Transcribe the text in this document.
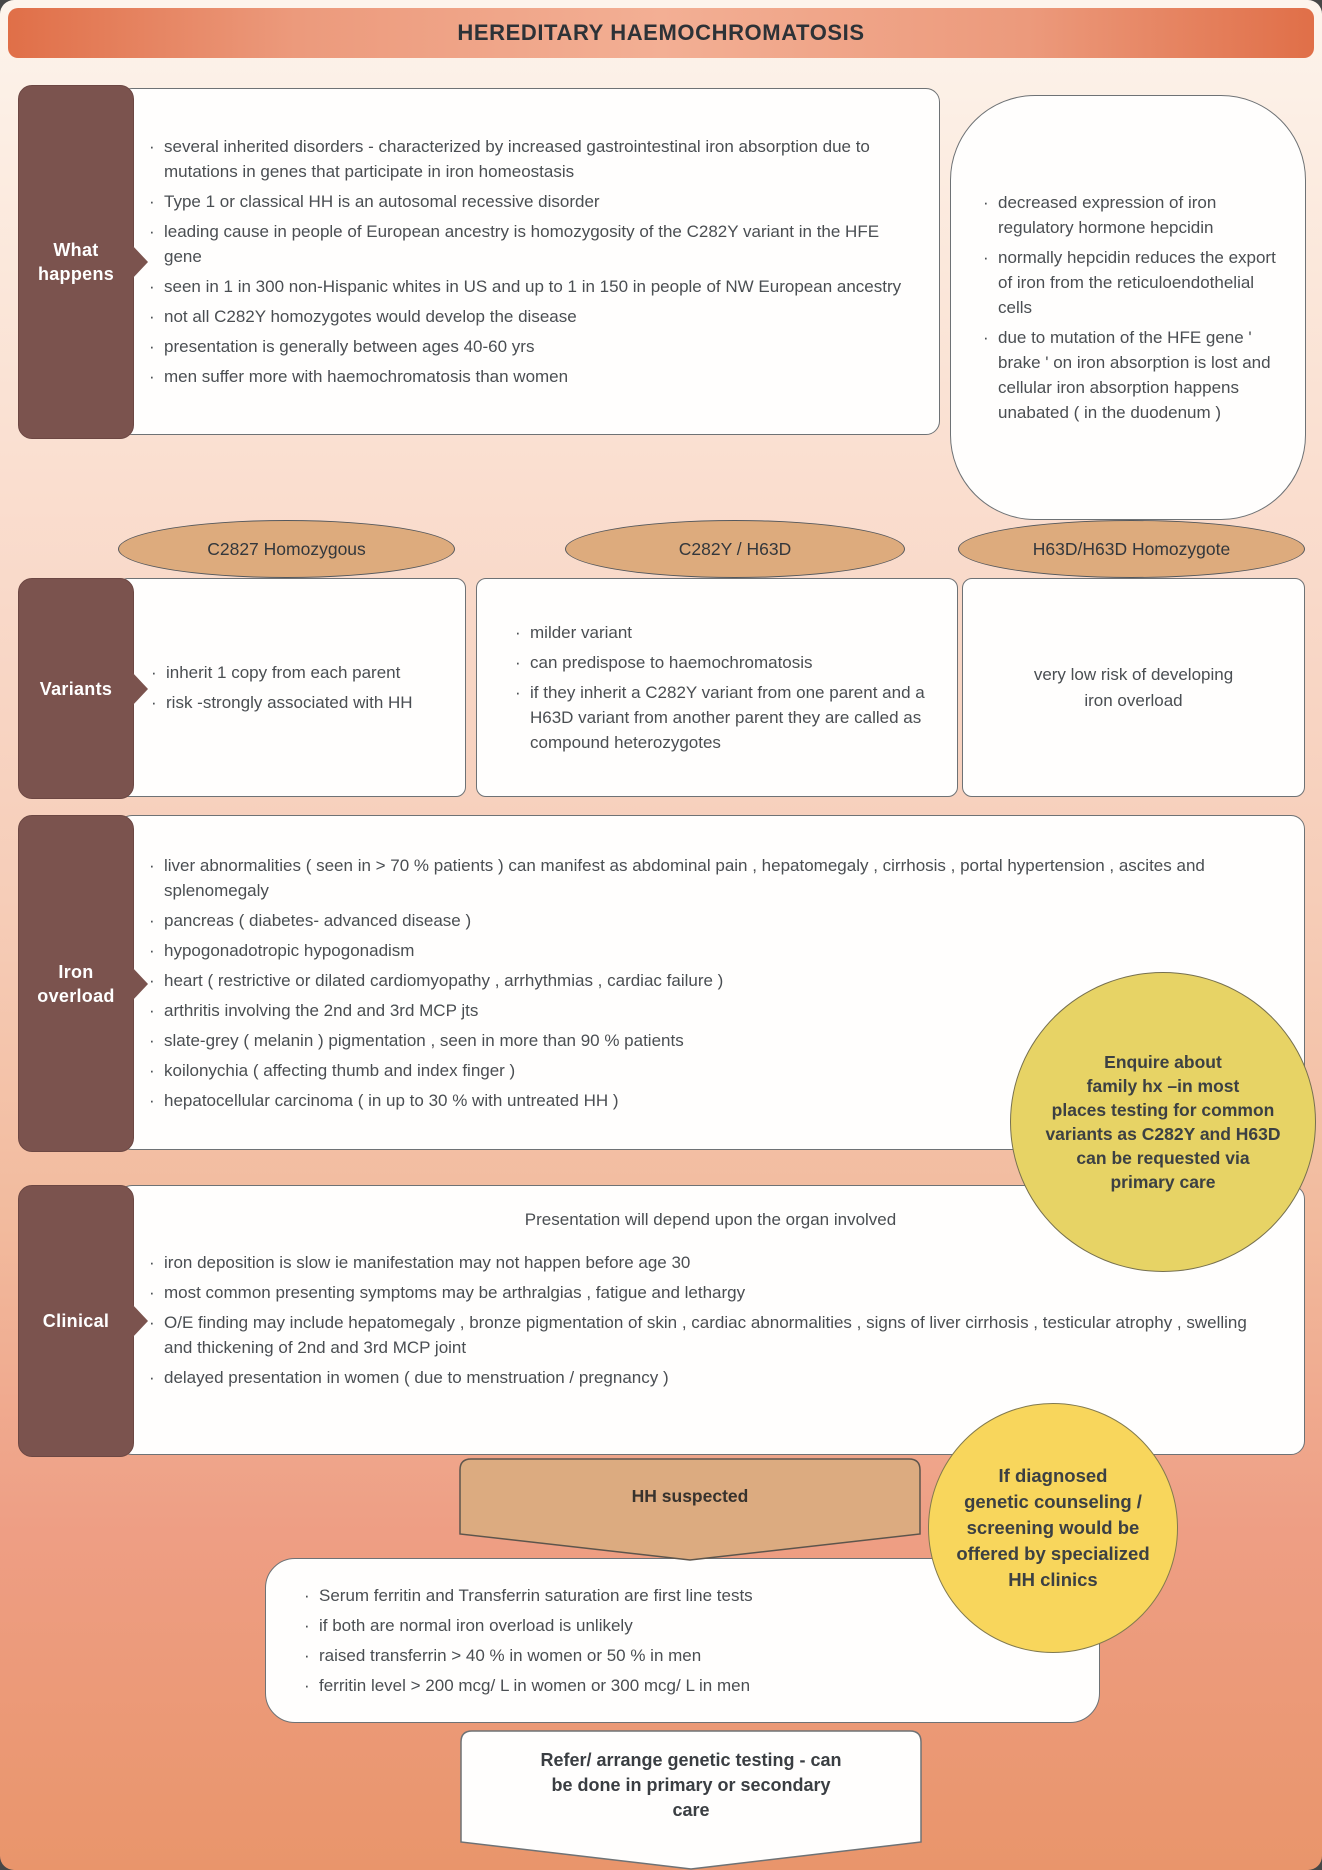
HEREDITARY HAEMOCHROMATOSIS
What
happens
· several inherited disorders - characterized by increased gastrointestinal iron absorption due to mutations in genes that participate in iron homeostasis
· Type 1 or classical HH is an autosomal recessive disorder
· leading cause in people of European ancestry is homozygosity of the C282Y variant in the HFE gene
· seen in 1 in 300 non-Hispanic whites in US and up to 1 in 150 in people of NW European ancestry
· not all C282Y homozygotes would develop the disease
· presentation is generally between ages 40-60 yrs
· men suffer more with haemochromatosis than women
· decreased expression of iron regulatory hormone hepcidin
· normally hepcidin reduces the export of iron from the reticuloendothelial cells
· due to mutation of the HFE gene ' brake ' on iron absorption is lost and cellular iron absorption happens unabated ( in the duodenum )
C2827 Homozygous	C282Y / H63D	H63D/H63D Homozygote
Variants
· inherit 1 copy from each parent
· risk -strongly associated with HH
· milder variant
· can predispose to haemochromatosis
· if they inherit a C282Y variant from one parent and a H63D variant from another parent they are called as compound heterozygotes
very low risk of developing
iron overload
Iron
overload
· liver abnormalities ( seen in > 70 % patients ) can manifest as abdominal pain , hepatomegaly , cirrhosis , portal hypertension , ascites and splenomegaly
· pancreas ( diabetes- advanced disease )
· hypogonadotropic hypogonadism
· heart ( restrictive or dilated cardiomyopathy , arrhythmias , cardiac failure )
· arthritis involving the 2nd and 3rd MCP jts
· slate-grey ( melanin ) pigmentation , seen in more than 90 % patients
· koilonychia ( affecting thumb and index finger )
· hepatocellular carcinoma ( in up to 30 % with untreated HH )
Clinical
Presentation will depend upon the organ involved
· iron deposition is slow ie manifestation may not happen before age 30
· most common presenting symptoms may be arthralgias , fatigue and lethargy
· O/E finding may include hepatomegaly , bronze pigmentation of skin , cardiac abnormalities , signs of liver cirrhosis , testicular atrophy , swelling and thickening of 2nd and 3rd MCP joint
· delayed presentation in women ( due to menstruation / pregnancy )
Enquire about
family hx –in most
places testing for common
variants as C282Y and H63D
can be requested via
primary care
HH suspected
If diagnosed
genetic counseling /
screening would be
offered by specialized
HH clinics
· Serum ferritin and Transferrin saturation are first line tests
· if both are normal iron overload is unlikely
· raised transferrin > 40 % in women or 50 % in men
· ferritin level > 200 mcg/ L in women or 300 mcg/ L in men
Refer/ arrange genetic testing - can
be done in primary or secondary
care
